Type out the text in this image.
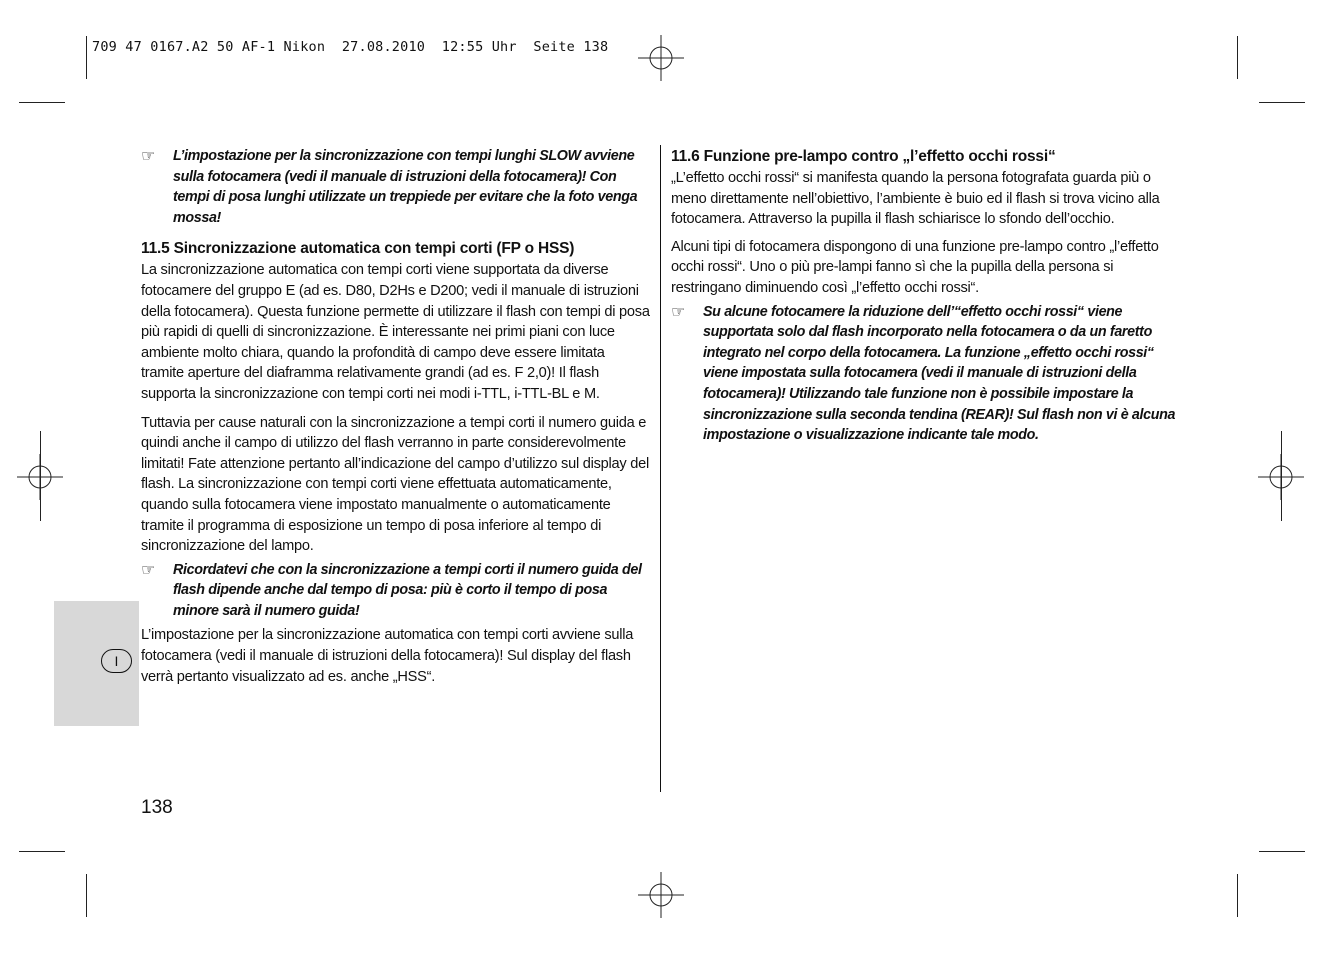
709 47 0167.A2 50 AF-1 Nikon  27.08.2010  12:55 Uhr  Seite 138
I
☞ L’impostazione per la sincronizzazione con tempi lunghi SLOW avviene sulla fotocamera (vedi il manuale di istruzioni della fotocamera)! Con tempi di posa lunghi utilizzate un treppiede per evitare che la foto venga mossa!

11.5 Sincronizzazione automatica con tempi corti (FP o HSS)

La sincronizzazione automatica con tempi corti viene supportata da diverse fotocamere del gruppo E (ad es. D80, D2Hs e D200; vedi il manuale di istruzioni della fotocamera). Questa funzione permette di utilizzare il flash con tempi di posa più rapidi di quelli di sincronizzazione. È interessante nei primi piani con luce ambiente molto chiara, quando la profondità di campo deve essere limitata tramite aperture del diaframma relativamente grandi (ad es. F 2,0)! Il flash supporta la sincronizzazione con tempi corti nei modi i-TTL, i-TTL-BL e M.

Tuttavia per cause naturali con la sincronizzazione a tempi corti il numero guida e quindi anche il campo di utilizzo del flash verranno in parte considerevolmente limitati! Fate attenzione pertanto all’indicazione del campo d’utilizzo sul display del flash. La sincronizzazione con tempi corti viene effettuata automaticamente, quando sulla fotocamera viene impostato manualmente o automaticamente tramite il programma di esposizione un tempo di posa inferiore al tempo di sincronizzazione del lampo.

☞ Ricordatevi che con la sincronizzazione a tempi corti il numero guida del flash dipende anche dal tempo di posa: più è corto il tempo di posa minore sarà il numero guida!

L’impostazione per la sincronizzazione automatica con tempi corti avviene sulla fotocamera (vedi il manuale di istruzioni della fotocamera)! Sul display del flash verrà pertanto visualizzato ad es. anche „HSS“.

11.6 Funzione pre-lampo contro „l’effetto occhi rossi“

„L’effetto occhi rossi“ si manifesta quando la persona fotografata guarda più o meno direttamente nell’obiettivo, l’ambiente è buio ed il flash si trova vicino alla fotocamera. Attraverso la pupilla il flash schiarisce lo sfondo dell’occhio.

Alcuni tipi di fotocamera dispongono di una funzione pre-lampo contro „l’effetto occhi rossi“. Uno o più pre-lampi fanno sì che la pupilla della persona si restringano diminuendo così „l’effetto occhi rossi“.

☞ Su alcune fotocamere la riduzione dell’“effetto occhi rossi“ viene supportata solo dal flash incorporato nella fotocamera o da un faretto integrato nel corpo della fotocamera. La funzione „effetto occhi rossi“ viene impostata sulla fotocamera (vedi il manuale di istruzioni della fotocamera)! Utilizzando tale funzione non è possibile impostare la sincronizzazione sulla seconda tendina (REAR)! Sul flash non vi è alcuna impostazione o visualizzazione indicante tale modo.

138
